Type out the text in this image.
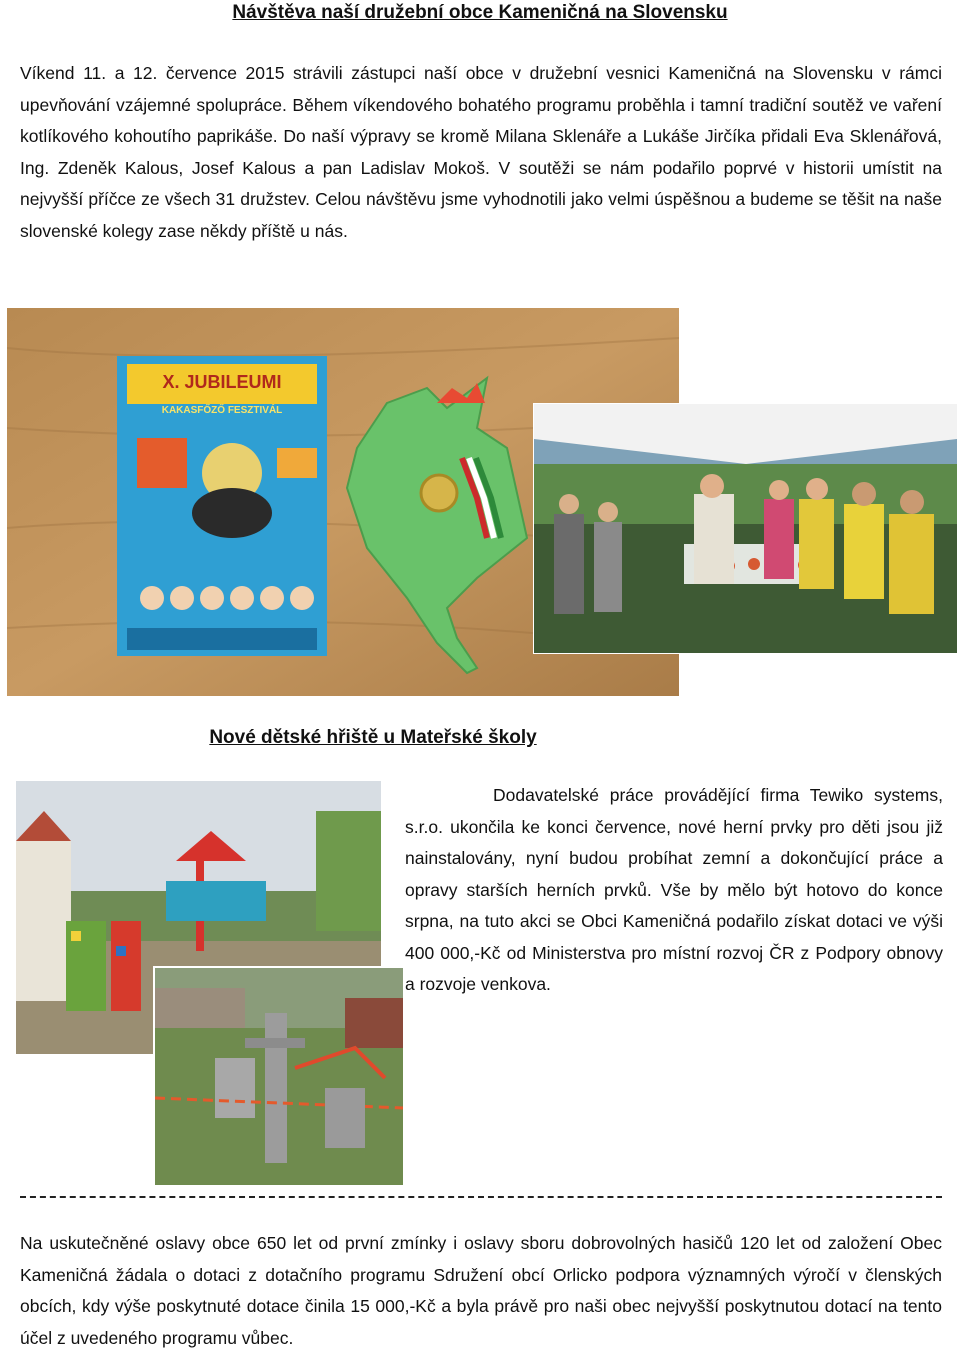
Návštěva naší družební obce Kameničná na Slovensku
Víkend 11. a 12. července 2015 strávili zástupci naší obce v družební vesnici Kameničná na Slovensku v rámci upevňování vzájemné spolupráce. Během víkendového bohatého programu proběhla i tamní tradiční soutěž ve vaření kotlíkového kohoutího paprikáše. Do naší výpravy se kromě Milana Sklenáře a Lukáše Jirčíka přidali Eva Sklenářová, Ing. Zdeněk Kalous, Josef Kalous a pan Ladislav Mokoš. V soutěži se nám podařilo poprvé v historii umístit na nejvyšší příčce ze všech 31 družstev. Celou návštěvu jsme vyhodnotili jako velmi úspěšnou a budeme se těšit na naše slovenské kolegy zase někdy příště u nás.
X. JUBILEUMI
KAKASFŐZŐ FESZTIVÁL
Nové dětské hřiště u Mateřské školy
Dodavatelské práce provádějící firma Tewiko systems, s.r.o. ukončila ke konci července, nové herní prvky pro děti jsou již nainstalovány, nyní budou probíhat zemní a dokončující práce a opravy starších herních prvků. Vše by mělo být hotovo do konce srpna, na tuto akci se Obci Kameničná podařilo získat dotaci ve výši 400 000,-Kč od Ministerstva pro místní rozvoj ČR z Podpory obnovy a rozvoje venkova.
Na uskutečněné oslavy obce 650 let od první zmínky i oslavy sboru dobrovolných hasičů 120 let od založení Obec Kameničná žádala o dotaci z dotačního programu Sdružení obcí Orlicko podpora významných výročí v členských obcích, kdy výše poskytnuté dotace činila 15 000,-Kč a byla právě pro naši obec nejvyšší poskytnutou dotací na tento účel z uvedeného programu vůbec.
